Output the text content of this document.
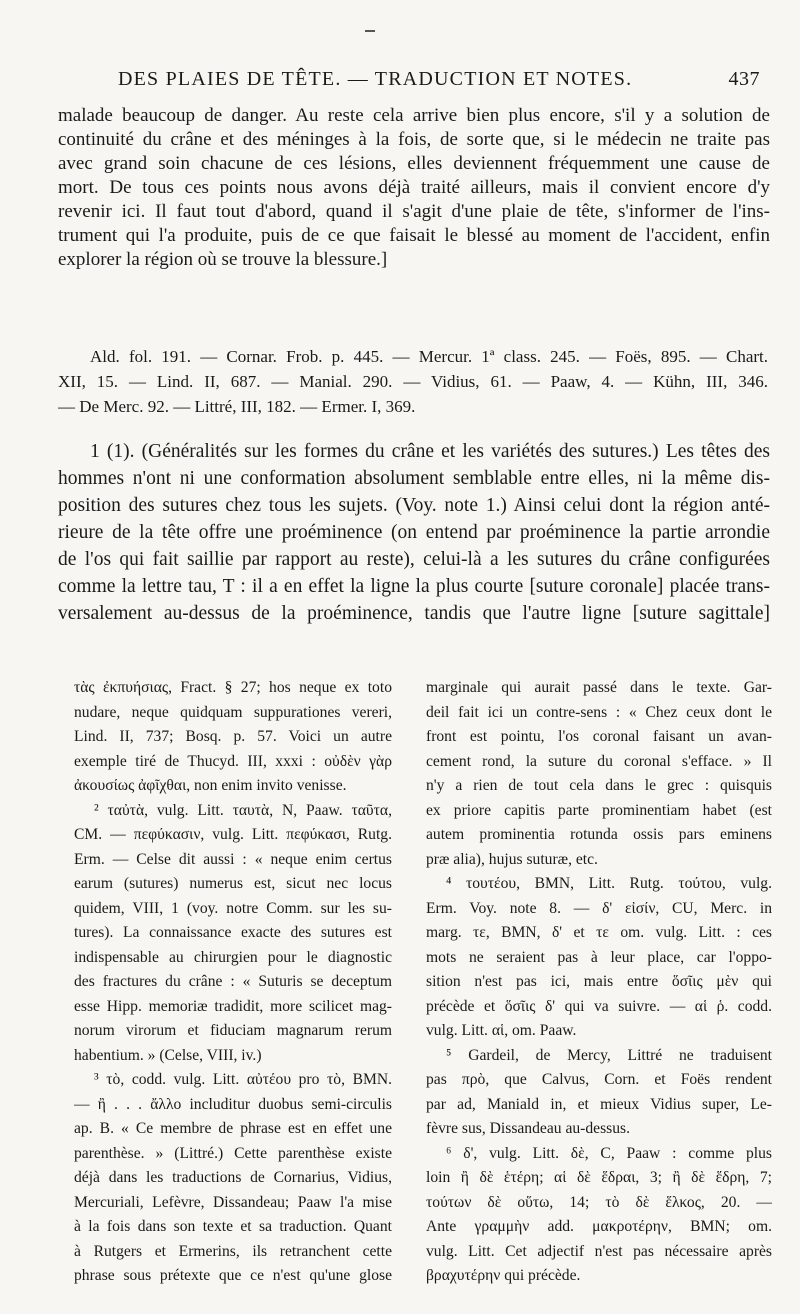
DES PLAIES DE TÊTE. — TRADUCTION ET NOTES.	437
malade beaucoup de danger. Au reste cela arrive bien plus encore, s'il y a solution de
continuité du crâne et des méninges à la fois, de sorte que, si le médecin ne traite pas
avec grand soin chacune de ces lésions, elles deviennent fréquemment une cause de
mort. De tous ces points nous avons déjà traité ailleurs, mais il convient encore d'y
revenir ici. Il faut tout d'abord, quand il s'agit d'une plaie de tête, s'informer de l'ins-
trument qui l'a produite, puis de ce que faisait le blessé au moment de l'accident, enfin
explorer la région où se trouve la blessure.]
Ald. fol. 191. — Cornar. Frob. p. 445. — Mercur. 1ª class. 245. — Foës, 895. — Chart.
XII, 15. — Lind. II, 687. — Manial. 290. — Vidius, 61. — Paaw, 4. — Kühn, III, 346.
— De Merc. 92. — Littré, III, 182. — Ermer. I, 369.
1 (1). (Généralités sur les formes du crâne et les variétés des sutures.) Les têtes des
hommes n'ont ni une conformation absolument semblable entre elles, ni la même dis-
position des sutures chez tous les sujets. (Voy. note 1.) Ainsi celui dont la région anté-
rieure de la tête offre une proéminence (on entend par proéminence la partie arrondie
de l'os qui fait saillie par rapport au reste), celui-là a les sutures du crâne configurées
comme la lettre tau, T : il a en effet la ligne la plus courte [suture coronale] placée trans-
versalement au-dessus de la proéminence, tandis que l'autre ligne [suture sagittale]
τὰς ἐκπυήσιας, Fract. § 27; hos neque ex toto
nudare, neque quidquam suppurationes vereri,
Lind. II, 737; Bosq. p. 57. Voici un autre
exemple tiré de Thucyd. III, xxxi : οὐδὲν γὰρ
ἀκουσίως ἀφῖχθαι, non enim invito venisse.
² ταὐτὰ, vulg. Litt. ταυτὰ, N, Paaw. ταῦτα,
CM. — πεφύκασιν, vulg. Litt. πεφύκασι, Rutg.
Erm. — Celse dit aussi : « neque enim certus
earum (sutures) numerus est, sicut nec locus
quidem, VIII, 1 (voy. notre Comm. sur les su-
tures). La connaissance exacte des sutures est
indispensable au chirurgien pour le diagnostic
des fractures du crâne : « Suturis se deceptum
esse Hipp. memoriæ tradidit, more scilicet mag-
norum virorum et fiduciam magnarum rerum
habentium. » (Celse, VIII, iv.)
³ τὸ, codd. vulg. Litt. αὐτέου pro τὸ, BMN.
— ἢ . . . ἄλλο includitur duobus semi-circulis
ap. B. « Ce membre de phrase est en effet une
parenthèse. » (Littré.) Cette parenthèse existe
déjà dans les traductions de Cornarius, Vidius,
Mercuriali, Lefèvre, Dissandeau; Paaw l'a mise
à la fois dans son texte et sa traduction. Quant
à Rutgers et Ermerins, ils retranchent cette
phrase sous prétexte que ce n'est qu'une glose
marginale qui aurait passé dans le texte. Gar-
deil fait ici un contre-sens : « Chez ceux dont le
front est pointu, l'os coronal faisant un avan-
cement rond, la suture du coronal s'efface. » Il
n'y a rien de tout cela dans le grec : quisquis
ex priore capitis parte prominentiam habet (est
autem prominentia rotunda ossis pars eminens
præ alia), hujus suturæ, etc.
⁴ τουτέου, BMN, Litt. Rutg. τούτου, vulg.
Erm. Voy. note 8. — δ' εἰσίν, CU, Merc. in
marg. τε, BMN, δ' et τε om. vulg. Litt. : ces
mots ne seraient pas à leur place, car l'oppo-
sition n'est pas ici, mais entre ὅσῖις μὲν qui
précède et ὅσῖις δ' qui va suivre. — αἱ ῥ. codd.
vulg. Litt. αἱ, om. Paaw.
⁵ Gardeil, de Mercy, Littré ne traduisent
pas πρὸ, que Calvus, Corn. et Foës rendent
par ad, Maniald in, et mieux Vidius super, Le-
fèvre sus, Dissandeau au-dessus.
⁶ δ', vulg. Litt. δὲ, C, Paaw : comme plus
loin ἢ δὲ ἑτέρη; αἱ δὲ ἕδραι, 3; ἢ δὲ ἕδρη, 7;
τούτων δὲ οὕτω, 14; τὸ δὲ ἕλκος, 20. —
Ante γραμμὴν add. μακροτέρην, BMN; om.
vulg. Litt. Cet adjectif n'est pas nécessaire après
βραχυτέρην qui précède.
